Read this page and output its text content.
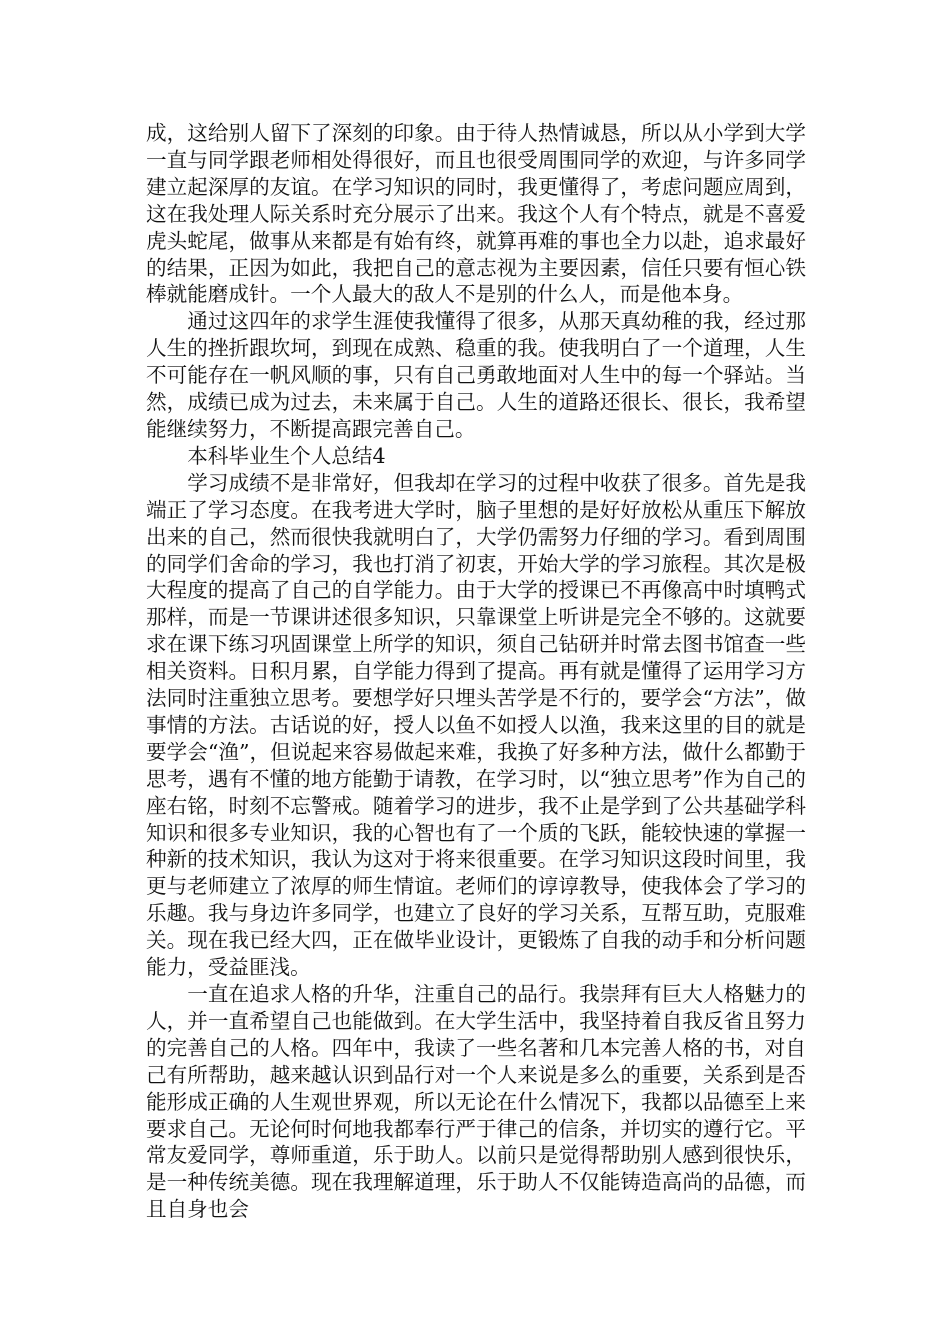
成，这给别人留下了深刻的印象。由于待人热情诚恳，所以从小学到大学一直与同学跟老师相处得很好，而且也很受周围同学的欢迎，与许多同学建立起深厚的友谊。在学习知识的同时，我更懂得了，考虑问题应周到，这在我处理人际关系时充分展示了出来。我这个人有个特点，就是不喜爱虎头蛇尾，做事从来都是有始有终，就算再难的事也全力以赴，追求最好的结果，正因为如此，我把自己的意志视为主要因素，信任只要有恒心铁棒就能磨成针。一个人最大的敌人不是别的什么人，而是他本身。

通过这四年的求学生涯使我懂得了很多，从那天真幼稚的我，经过那人生的挫折跟坎坷，到现在成熟、稳重的我。使我明白了一个道理，人生不可能存在一帆风顺的事，只有自己勇敢地面对人生中的每一个驿站。当然，成绩已成为过去，未来属于自己。人生的道路还很长、很长，我希望能继续努力，不断提高跟完善自己。

本科毕业生个人总结4

学习成绩不是非常好，但我却在学习的过程中收获了很多。首先是我端正了学习态度。在我考进大学时，脑子里想的是好好放松从重压下解放出来的自己，然而很快我就明白了，大学仍需努力仔细的学习。看到周围的同学们舍命的学习，我也打消了初衷，开始大学的学习旅程。其次是极大程度的提高了自己的自学能力。由于大学的授课已不再像高中时填鸭式那样，而是一节课讲述很多知识，只靠课堂上听讲是完全不够的。这就要求在课下练习巩固课堂上所学的知识，须自己钻研并时常去图书馆查一些相关资料。日积月累，自学能力得到了提高。再有就是懂得了运用学习方法同时注重独立思考。要想学好只埋头苦学是不行的，要学会“方法”，做事情的方法。古话说的好，授人以鱼不如授人以渔，我来这里的目的就是要学会“渔”，但说起来容易做起来难，我换了好多种方法，做什么都勤于思考，遇有不懂的地方能勤于请教，在学习时，以“独立思考”作为自己的座右铭，时刻不忘警戒。随着学习的进步，我不止是学到了公共基础学科知识和很多专业知识，我的心智也有了一个质的飞跃，能较快速的掌握一种新的技术知识，我认为这对于将来很重要。在学习知识这段时间里，我更与老师建立了浓厚的师生情谊。老师们的谆谆教导，使我体会了学习的乐趣。我与身边许多同学，也建立了良好的学习关系，互帮互助，克服难关。现在我已经大四，正在做毕业设计，更锻炼了自我的动手和分析问题能力，受益匪浅。

一直在追求人格的升华，注重自己的品行。我崇拜有巨大人格魅力的人，并一直希望自己也能做到。在大学生活中，我坚持着自我反省且努力的完善自己的人格。四年中，我读了一些名著和几本完善人格的书，对自己有所帮助，越来越认识到品行对一个人来说是多么的重要，关系到是否能形成正确的人生观世界观，所以无论在什么情况下，我都以品德至上来要求自己。无论何时何地我都奉行严于律己的信条，并切实的遵行它。平常友爱同学，尊师重道，乐于助人。以前只是觉得帮助别人感到很快乐，是一种传统美德。现在我理解道理，乐于助人不仅能铸造高尚的品德，而且自身也会
